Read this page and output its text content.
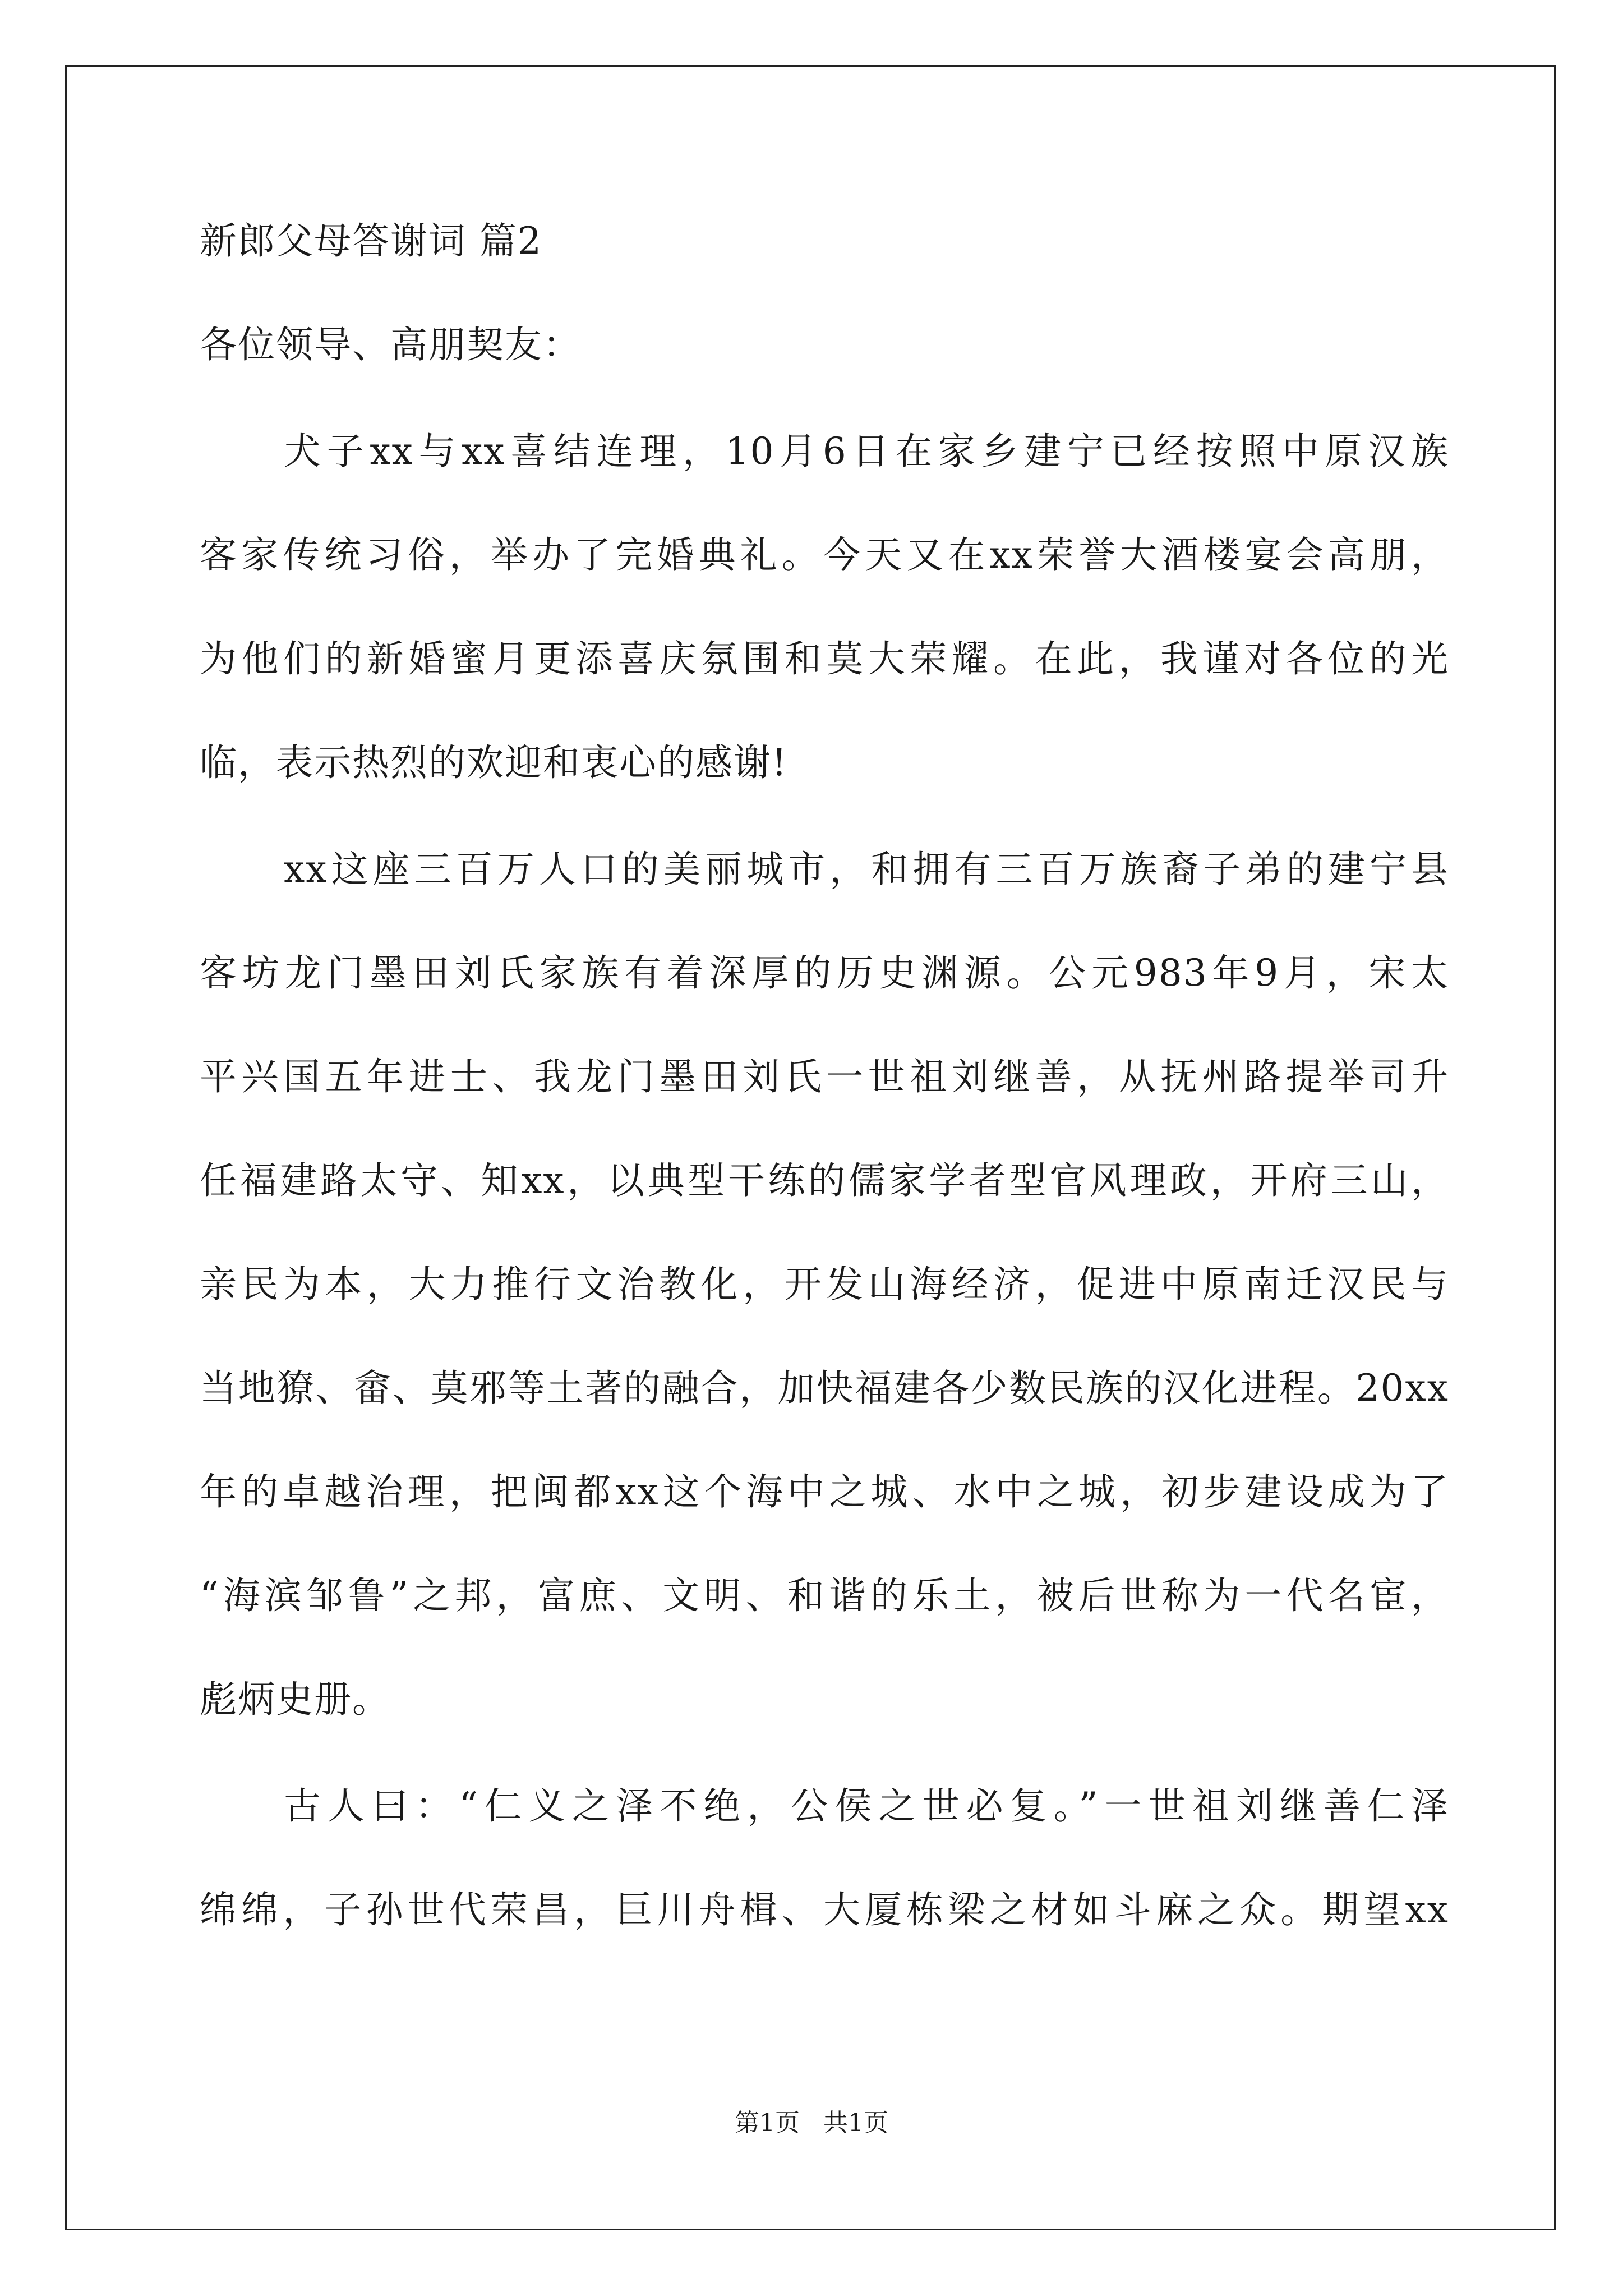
新郎父母答谢词 篇2
各位领导、高朋契友：
犬子xx与xx喜结连理，10月6日在家乡建宁已经按照中原汉族
客家传统习俗，举办了完婚典礼。今天又在xx荣誉大酒楼宴会高朋，
为他们的新婚蜜月更添喜庆氛围和莫大荣耀。在此，我谨对各位的光
临，表示热烈的欢迎和衷心的感谢!
xx这座三百万人口的美丽城市，和拥有三百万族裔子弟的建宁县
客坊龙门墨田刘氏家族有着深厚的历史渊源。公元983年9月，宋太
平兴国五年进士、我龙门墨田刘氏一世祖刘继善，从抚州路提举司升
任福建路太守、知xx，以典型干练的儒家学者型官风理政，开府三山，
亲民为本，大力推行文治教化，开发山海经济，促进中原南迁汉民与
当地獠、畲、莫邪等土著的融合，加快福建各少数民族的汉化进程。20xx
年的卓越治理，把闽都xx这个海中之城、水中之城，初步建设成为了
“海滨邹鲁”之邦，富庶、文明、和谐的乐土，被后世称为一代名宦，
彪炳史册。
古人曰：“仁义之泽不绝，公侯之世必复。”一世祖刘继善仁泽
绵绵，子孙世代荣昌，巨川舟楫、大厦栋梁之材如斗麻之众。期望xx
第1页   共1页
